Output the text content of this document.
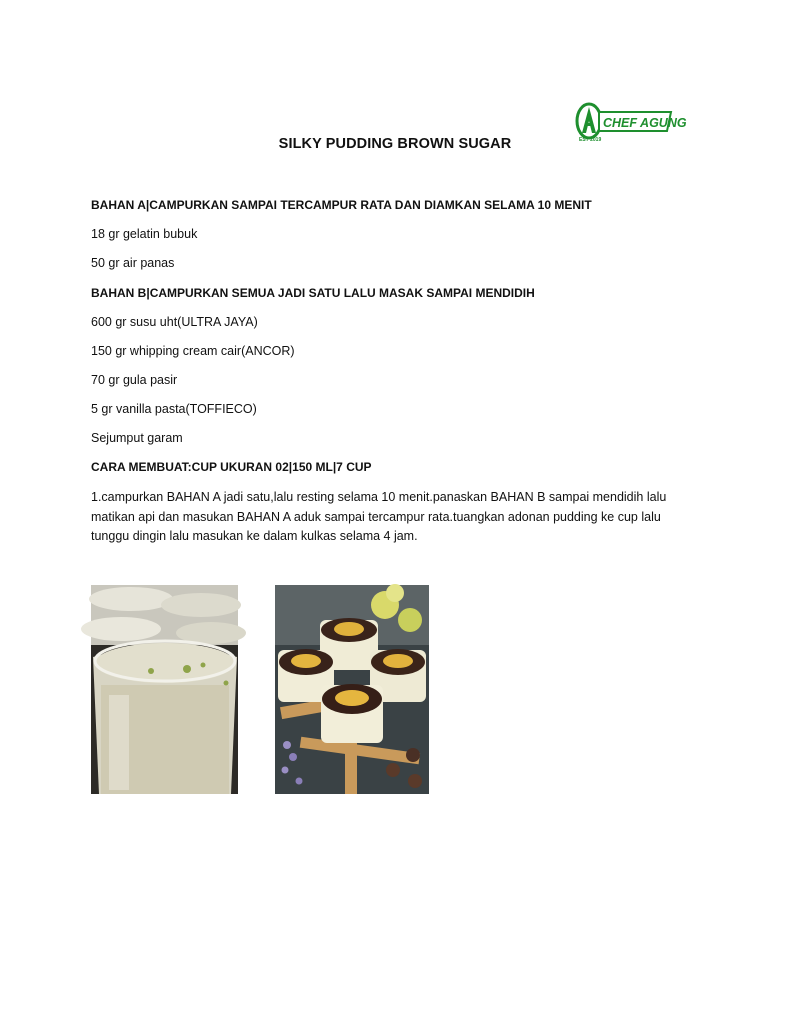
CHEF AGUNG
EST 2019
SILKY PUDDING BROWN SUGAR
BAHAN A|CAMPURKAN SAMPAI TERCAMPUR RATA DAN DIAMKAN SELAMA 10 MENIT
18 gr gelatin bubuk
50 gr air panas
BAHAN B|CAMPURKAN SEMUA JADI SATU LALU MASAK SAMPAI MENDIDIH
600 gr susu uht(ULTRA JAYA)
150 gr whipping cream cair(ANCOR)
70 gr gula pasir
5 gr vanilla pasta(TOFFIECO)
Sejumput garam
CARA MEMBUAT:CUP UKURAN 02|150 ML|7 CUP
1.campurkan BAHAN A jadi satu,lalu resting selama 10 menit.panaskan BAHAN B sampai mendidih lalu matikan api dan masukan BAHAN A aduk sampai tercampur rata.tuangkan adonan pudding ke cup lalu tunggu dingin lalu masukan ke dalam kulkas selama 4 jam.
